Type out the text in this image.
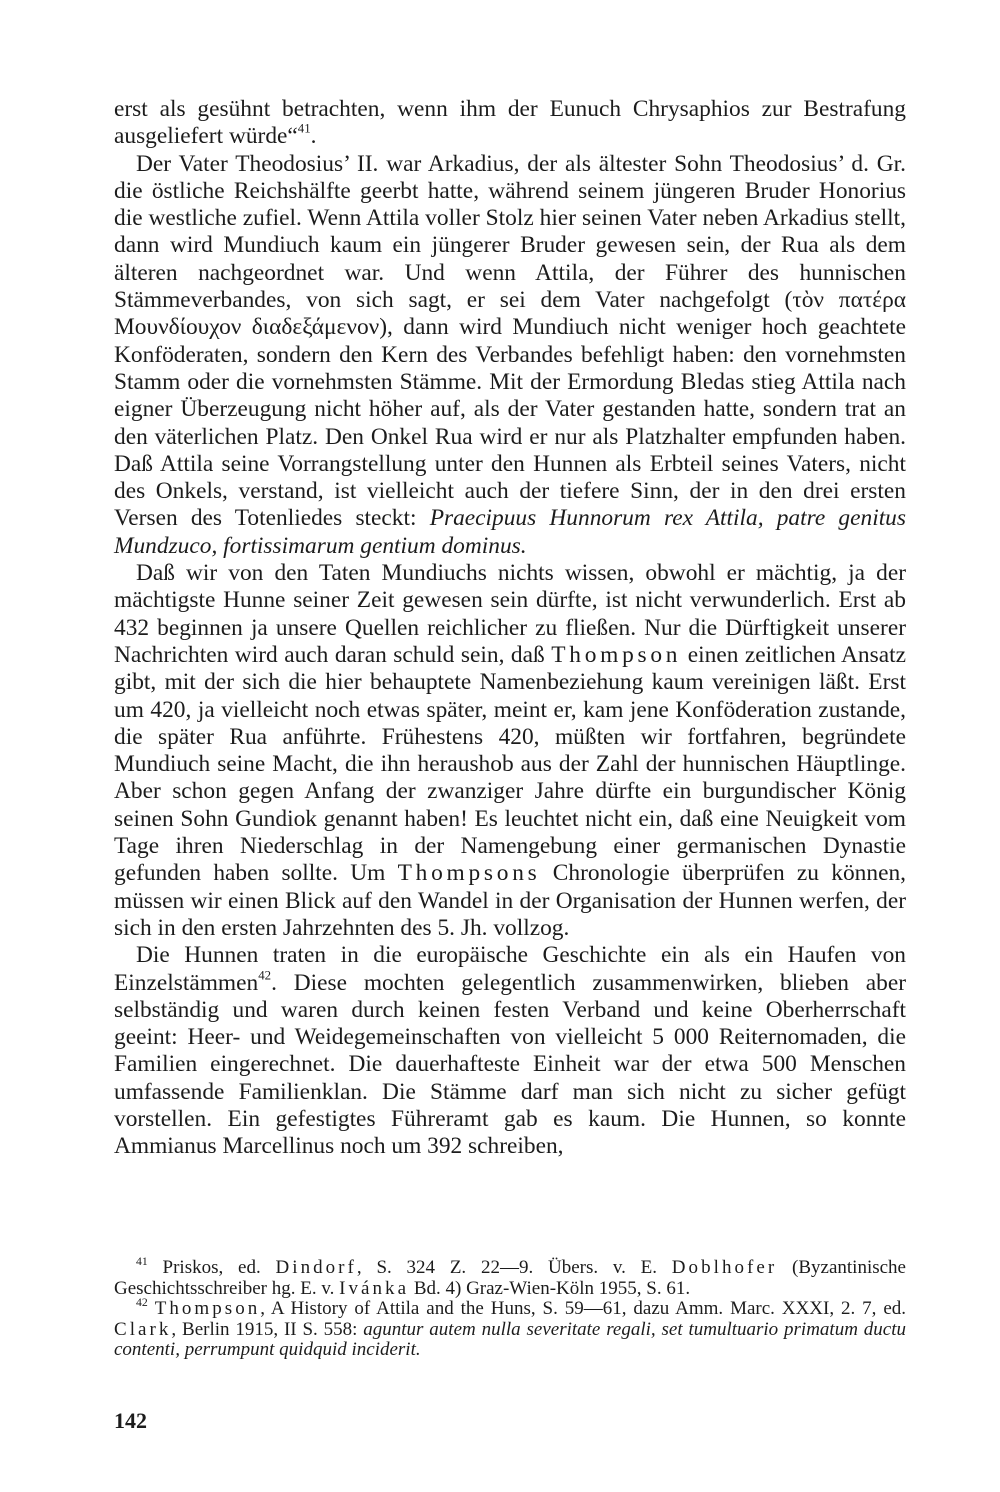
erst als gesühnt betrachten, wenn ihm der Eunuch Chrysaphios zur Bestrafung ausgeliefert würde“$^{41}$.

Der Vater Theodosius’ II. war Arkadius, der als ältester Sohn Theodosius’ d. Gr. die östliche Reichshälfte geerbt hatte, während seinem jüngeren Bruder Honorius die westliche zufiel. Wenn Attila voller Stolz hier seinen Vater neben Arkadius stellt, dann wird Mundiuch kaum ein jüngerer Bruder gewesen sein, der Rua als dem älteren nachgeordnet war. Und wenn Attila, der Führer des hunnischen Stämmeverbandes, von sich sagt, er sei dem Vater nachgefolgt (τὸν πατέρα Μουνδίουχον διαδεξάμενον), dann wird Mundiuch nicht weniger hoch geachtete Konföderaten, sondern den Kern des Verbandes befehligt haben: den vornehmsten Stamm oder die vornehmsten Stämme. Mit der Ermordung Bledas stieg Attila nach eigner Überzeugung nicht höher auf, als der Vater gestanden hatte, sondern trat an den väterlichen Platz. Den Onkel Rua wird er nur als Platzhalter empfunden haben. Daß Attila seine Vorrangstellung unter den Hunnen als Erbteil seines Vaters, nicht des Onkels, verstand, ist vielleicht auch der tiefere Sinn, der in den drei ersten Versen des Totenliedes steckt: Praecipuus Hunnorum rex Attila, patre genitus Mundzuco, fortissimarum gentium dominus.

Daß wir von den Taten Mundiuchs nichts wissen, obwohl er mächtig, ja der mächtigste Hunne seiner Zeit gewesen sein dürfte, ist nicht verwunderlich. Erst ab 432 beginnen ja unsere Quellen reichlicher zu fließen. Nur die Dürftigkeit unserer Nachrichten wird auch daran schuld sein, daß Thompson einen zeitlichen Ansatz gibt, mit der sich die hier behauptete Namenbeziehung kaum vereinigen läßt. Erst um 420, ja vielleicht noch etwas später, meint er, kam jene Konföderation zustande, die später Rua anführte. Frühestens 420, müßten wir fortfahren, begründete Mundiuch seine Macht, die ihn heraushob aus der Zahl der hunnischen Häuptlinge. Aber schon gegen Anfang der zwanziger Jahre dürfte ein burgundischer König seinen Sohn Gundiok genannt haben! Es leuchtet nicht ein, daß eine Neuigkeit vom Tage ihren Niederschlag in der Namengebung einer germanischen Dynastie gefunden haben sollte. Um Thompsons Chronologie überprüfen zu können, müssen wir einen Blick auf den Wandel in der Organisation der Hunnen werfen, der sich in den ersten Jahrzehnten des 5. Jh. vollzog.

Die Hunnen traten in die europäische Geschichte ein als ein Haufen von Einzelstämmen$^{42}$. Diese mochten gelegentlich zusammenwirken, blieben aber selbständig und waren durch keinen festen Verband und keine Oberherrschaft geeint: Heer- und Weidegemeinschaften von vielleicht 5 000 Reiternomaden, die Familien eingerechnet. Die dauerhafteste Einheit war der etwa 500 Menschen umfassende Familienklan. Die Stämme darf man sich nicht zu sicher gefügt vorstellen. Ein gefestigtes Führeramt gab es kaum. Die Hunnen, so konnte Ammianus Marcellinus noch um 392 schreiben,

$^{41}$ Priskos, ed. Dindorf, S. 324 Z. 22—9. Übers. v. E. Doblhofer (Byzantinische Geschichtsschreiber hg. E. v. Ivánka Bd. 4) Graz-Wien-Köln 1955, S. 61.

$^{42}$ Thompson, A History of Attila and the Huns, S. 59—61, dazu Amm. Marc. XXXI, 2. 7, ed. Clark, Berlin 1915, II S. 558: aguntur autem nulla severitate regali, set tumultuario primatum ductu contenti, perrumpunt quidquid inciderit.

142
